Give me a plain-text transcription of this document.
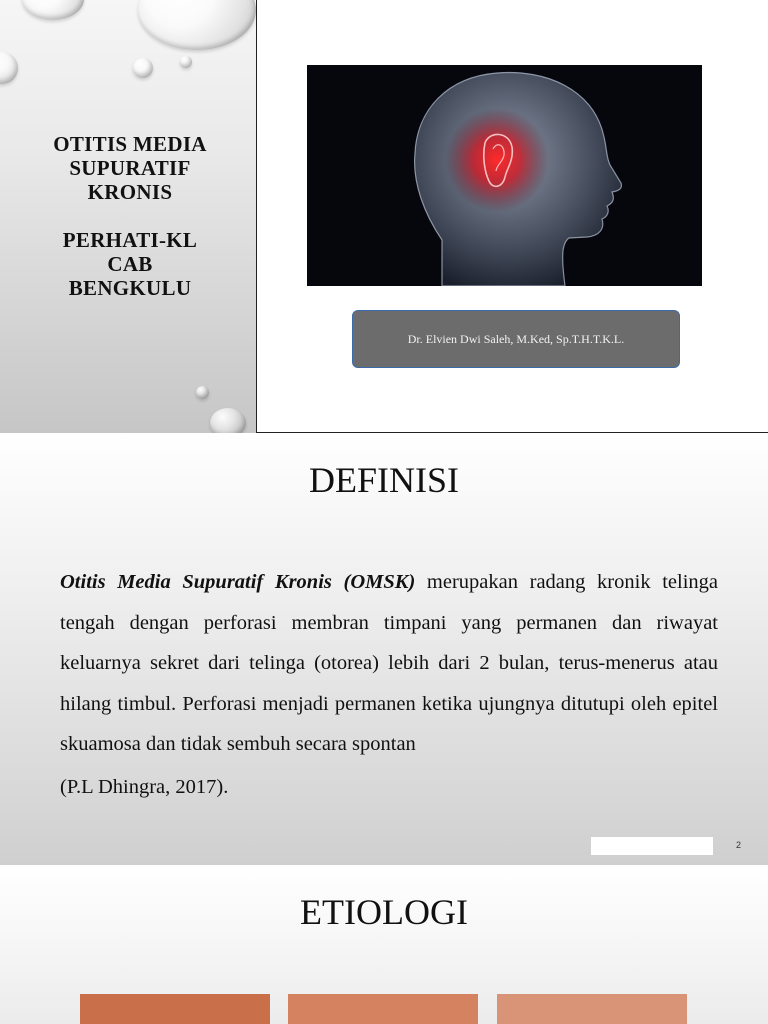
OTITIS MEDIA
SUPURATIF
KRONIS
PERHATI-KL
CAB
BENGKULU
Dr. Elvien Dwi Saleh, M.Ked, Sp.T.H.T.K.L.
DEFINISI

Otitis Media Supuratif Kronis (OMSK) merupakan radang kronik telinga tengah dengan perforasi membran timpani yang permanen dan riwayat keluarnya sekret dari telinga (otorea) lebih dari 2 bulan, terus-menerus atau hilang timbul. Perforasi menjadi permanen ketika ujungnya ditutupi oleh epitel skuamosa dan tidak sembuh secara spontan

(P.L Dhingra, 2017).
2
ETIOLOGI
